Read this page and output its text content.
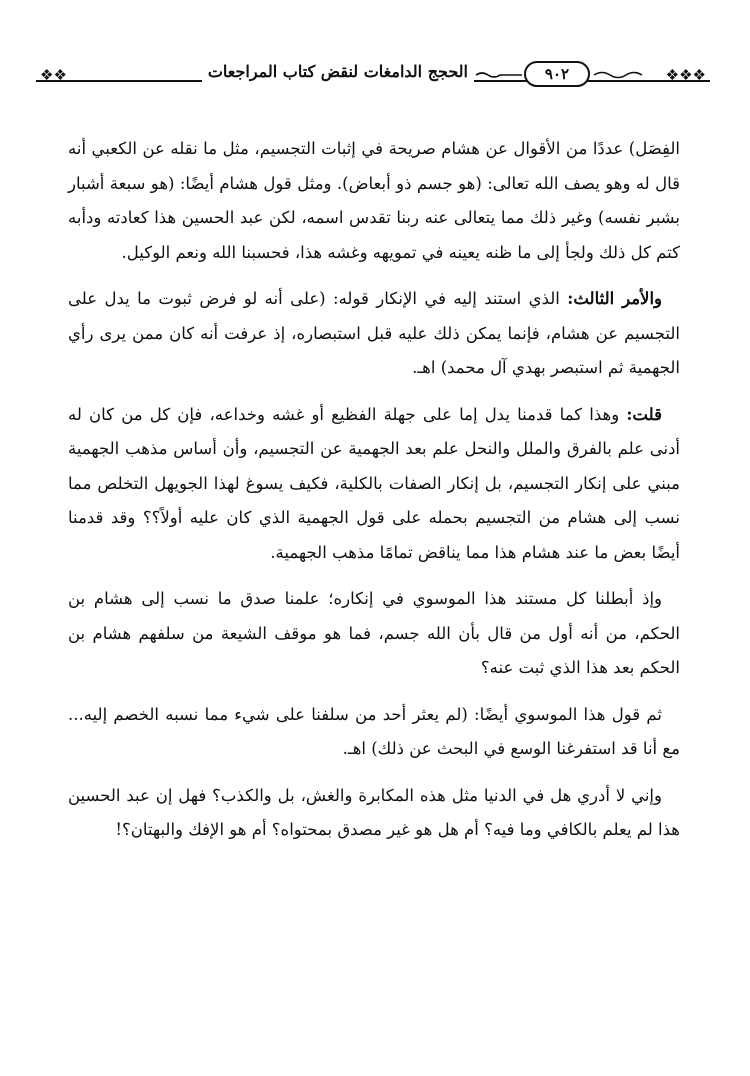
❖❖	❖❖❖
٩٠٢
الحجج الدامغات لنقض كتاب المراجعات

الفِصَل) عددًا من الأقوال عن هشام صريحة في إثبات التجسيم، مثل ما نقله عن الكعبي أنه قال له وهو يصف الله تعالى: (هو جسم ذو أبعاض). ومثل قول هشام أيضًا: (هو سبعة أشبار بشبر نفسه) وغير ذلك مما يتعالى عنه ربنا تقدس اسمه، لكن عبد الحسين هذا كعادته ودأبه كتم كل ذلك ولجأ إلى ما ظنه يعينه في تمويهه وغشه هذا، فحسبنا الله ونعم الوكيل.

والأمر الثالث: الذي استند إليه في الإنكار قوله: (على أنه لو فرض ثبوت ما يدل على التجسيم عن هشام، فإنما يمكن ذلك عليه قبل استبصاره، إذ عرفت أنه كان ممن يرى رأي الجهمية ثم استبصر بهدي آل محمد) اهـ.

قلت: وهذا كما قدمنا يدل إما على جهلة الفظيع أو غشه وخداعه، فإن كل من كان له أدنى علم بالفرق والملل والنحل علم بعد الجهمية عن التجسيم، وأن أساس مذهب الجهمية مبني على إنكار التجسيم، بل إنكار الصفات بالكلية، فكيف يسوغ لهذا الجويهل التخلص مما نسب إلى هشام من التجسيم بحمله على قول الجهمية الذي كان عليه أولاً؟؟ وقد قدمنا أيضًا بعض ما عند هشام هذا مما يناقض تمامًا مذهب الجهمية.

وإذ أبطلنا كل مستند هذا الموسوي في إنكاره؛ علمنا صدق ما نسب إلى هشام بن الحكم، من أنه أول من قال بأن الله جسم، فما هو موقف الشيعة من سلفهم هشام بن الحكم بعد هذا الذي ثبت عنه؟

ثم قول هذا الموسوي أيضًا: (لم يعثر أحد من سلفنا على شيء مما نسبه الخصم إليه... مع أنا قد استفرغنا الوسع في البحث عن ذلك) اهـ.

وإني لا أدري هل في الدنيا مثل هذه المكابرة والغش، بل والكذب؟ فهل إن عبد الحسين هذا لم يعلم بالكافي وما فيه؟ أم هل هو غير مصدق بمحتواه؟ أم هو الإفك والبهتان؟!
